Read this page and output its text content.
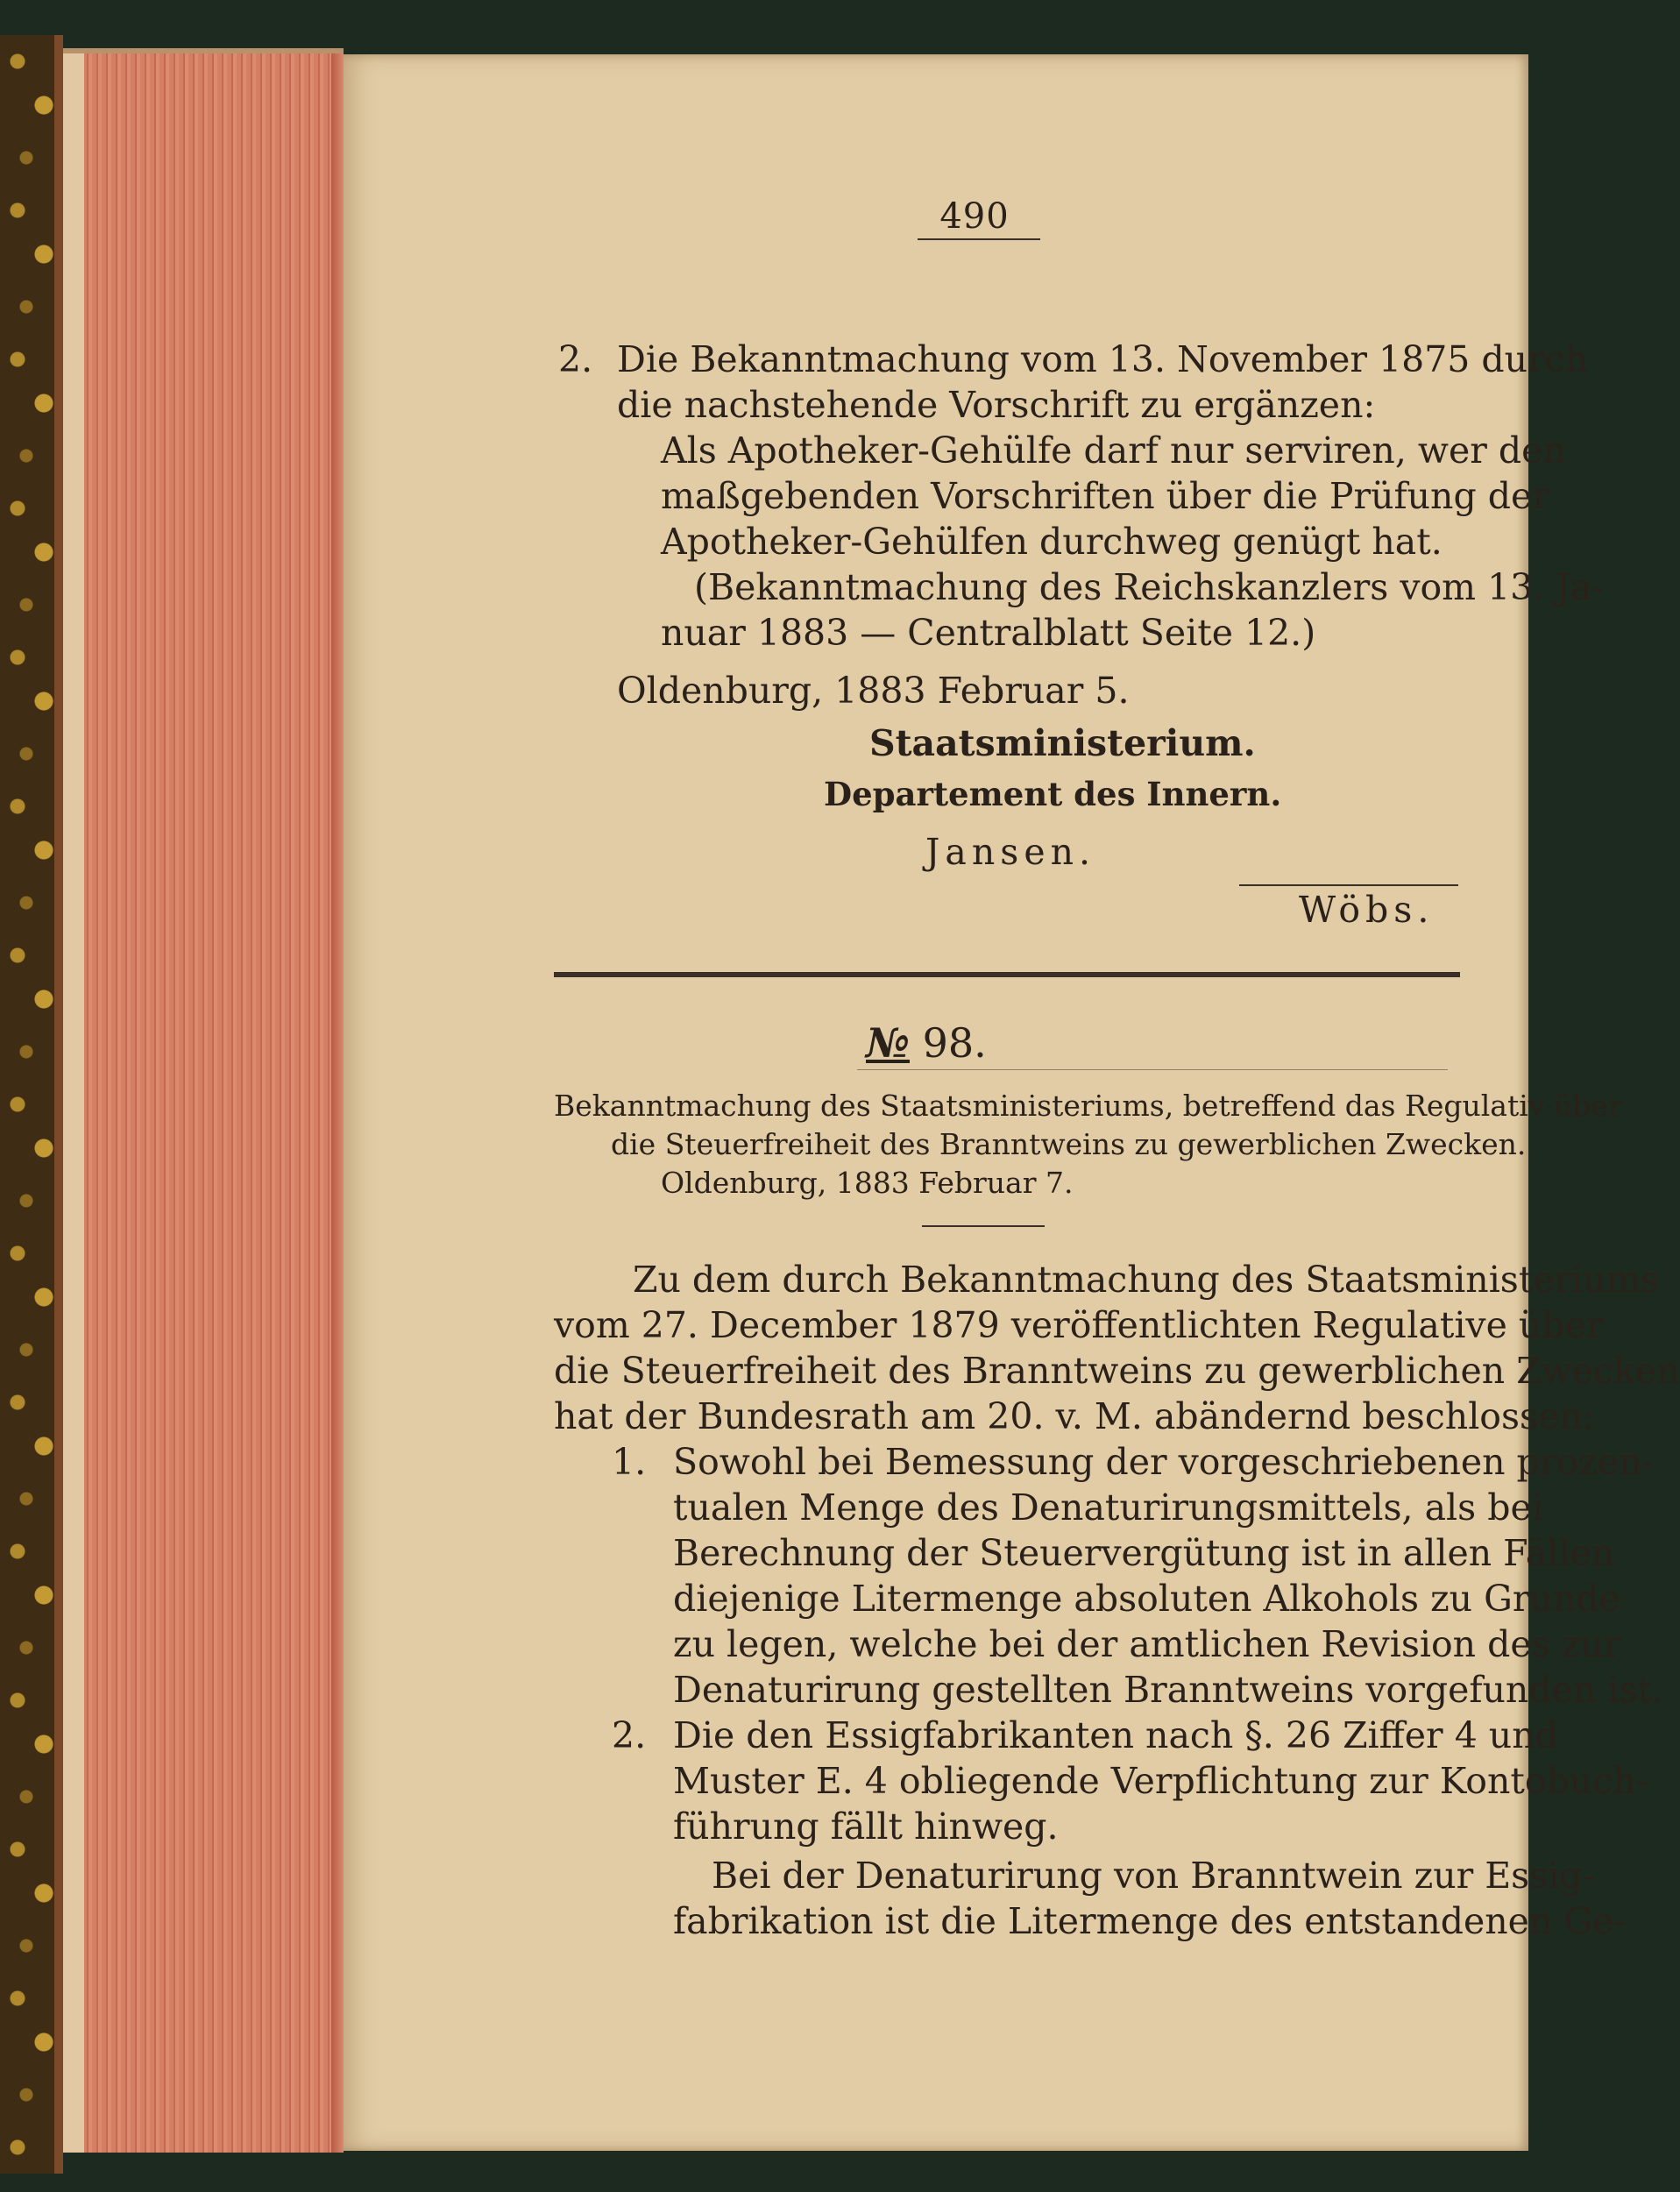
490
2. Die Bekanntmachung vom 13. November 1875 durch
die nachstehende Vorschrift zu ergänzen:
Als Apotheker-Gehülfe darf nur serviren, wer den
maßgebenden Vorschriften über die Prüfung der
Apotheker-Gehülfen durchweg genügt hat.
(Bekanntmachung des Reichskanzlers vom 13. Ja-
nuar 1883 — Centralblatt Seite 12.)
Oldenburg, 1883 Februar 5.
Staatsministerium.
Departement des Innern.
Jansen.
Wöbs.
№ 98.
Bekanntmachung des Staatsministeriums, betreffend das Regulativ über
die Steuerfreiheit des Branntweins zu gewerblichen Zwecken.
Oldenburg, 1883 Februar 7.
Zu dem durch Bekanntmachung des Staatsministeriums
vom 27. December 1879 veröffentlichten Regulative über
die Steuerfreiheit des Branntweins zu gewerblichen Zwecken
hat der Bundesrath am 20. v. M. abändernd beschlossen:
1. Sowohl bei Bemessung der vorgeschriebenen prozen-
tualen Menge des Denaturirungsmittels, als bei
Berechnung der Steuervergütung ist in allen Fällen
diejenige Litermenge absoluten Alkohols zu Grunde
zu legen, welche bei der amtlichen Revision des zur
Denaturirung gestellten Branntweins vorgefunden ist.
2. Die den Essigfabrikanten nach §. 26 Ziffer 4 und
Muster E. 4 obliegende Verpflichtung zur Kontobuch-
führung fällt hinweg.
Bei der Denaturirung von Branntwein zur Essig-
fabrikation ist die Litermenge des entstandenen Ge-
